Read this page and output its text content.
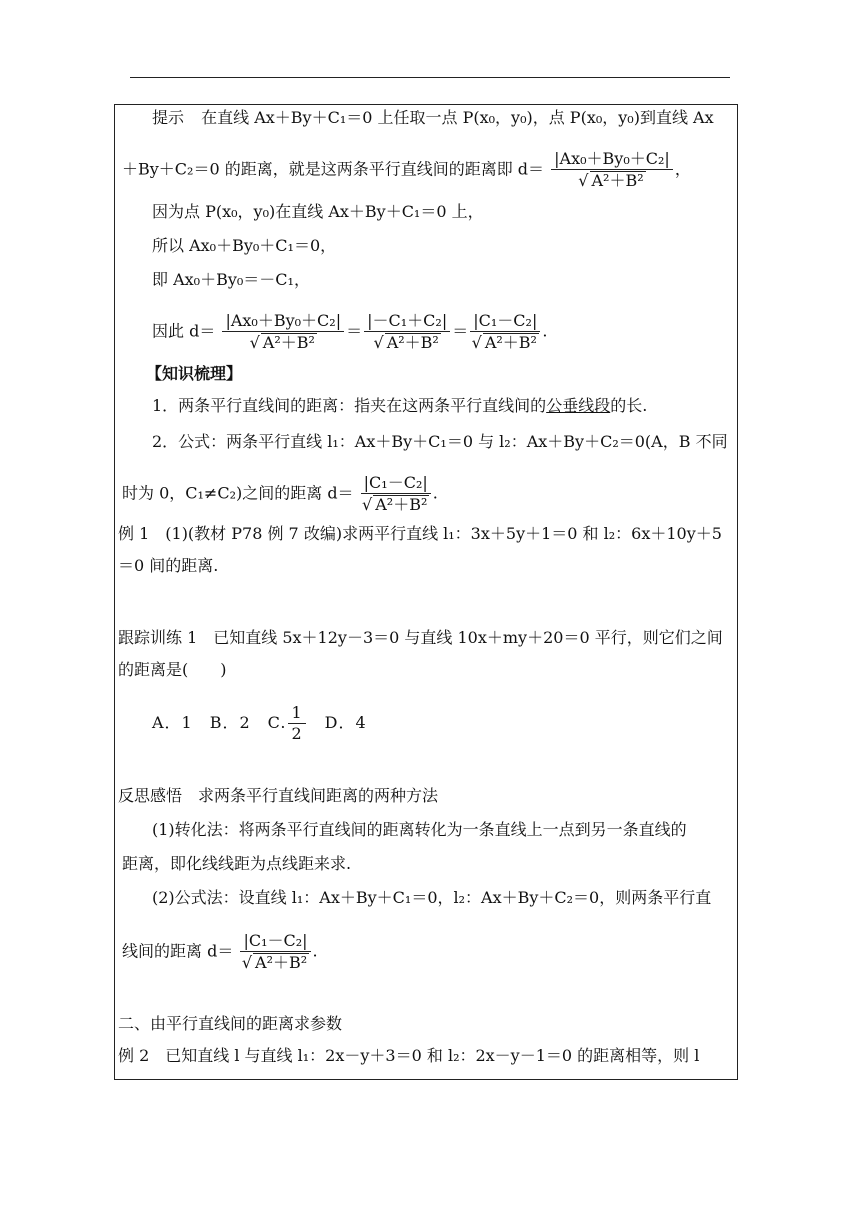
提示 在直线 Ax＋By＋C₁＝0 上任取一点 P(x₀，y₀)，点 P(x₀，y₀)到直线 Ax
＋By＋C₂＝0 的距离，就是这两条平行直线间的距离即 $d= \frac{\text{|Ax₀＋By₀＋C₂|}}{\text{√ A²＋B²}}$ ，
因为点 P(x₀，y₀)在直线 Ax＋By＋C₁＝0 上，
所以 Ax₀＋By₀＋C₁＝0，
即 Ax₀＋By₀＝－C₁，
因此 $d= \frac{\text{|Ax₀＋By₀＋C₂|}}{\text{√ A²＋B²}} = \frac{\text{|－C₁＋C₂|}}{\text{√ A²＋B²}} = \frac{\text{|C₁－C₂|}}{\text{√ A²＋B²}}$ .
【知识梳理】
1．两条平行直线间的距离：指夹在这两条平行直线间的公垂线段的长.
2．公式：两条平行直线 l₁：Ax＋By＋C₁＝0 与 l₂：Ax＋By＋C₂＝0(A，B 不同
时为 0，C₁≠C₂)之间的距离 $d= \frac{\text{|C₁－C₂|}}{\text{√ A²＋B²}}$ .
例 1　(1)(教材 P78 例 7 改编)求两平行直线 l₁：3x＋5y＋1＝0 和 l₂：6x＋10y＋5
＝0 间的距离.
跟踪训练 1　已知直线 5x＋12y－3＝0 与直线 10x＋my＋20＝0 平行，则它们之间
的距离是(　　)
A．1　B．2　C. $\frac{1}{2}$ 　D．4
反思感悟　求两条平行直线间距离的两种方法
(1)转化法：将两条平行直线间的距离转化为一条直线上一点到另一条直线的
距离，即化线线距为点线距来求.
(2)公式法：设直线 l₁：Ax＋By＋C₁＝0，l₂：Ax＋By＋C₂＝0，则两条平行直
线间的距离 $d= \frac{\text{|C₁－C₂|}}{\text{√ A²＋B²}}$ .
二、由平行直线间的距离求参数
例 2　已知直线 l 与直线 l₁：2x－y＋3＝0 和 l₂：2x－y－1＝0 的距离相等，则 l
